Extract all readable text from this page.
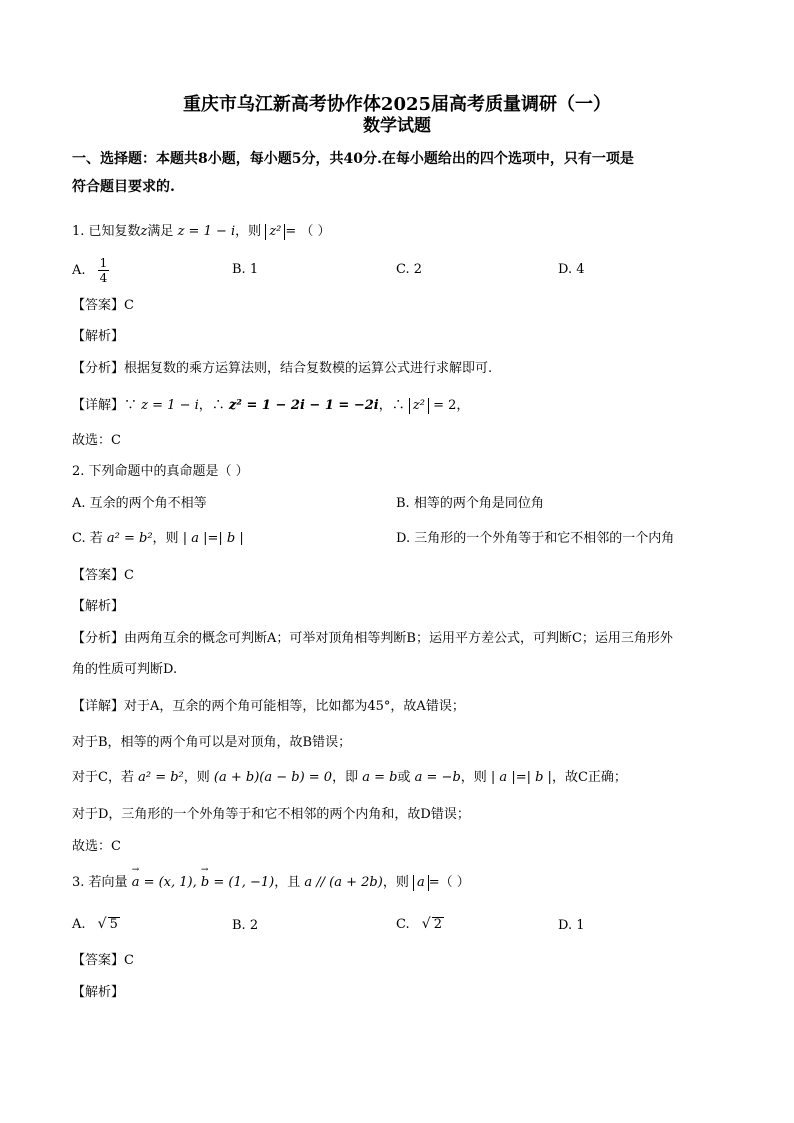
重庆市乌江新高考协作体2025届高考质量调研（一）
数学试题
一、选择题：本题共8小题，每小题5分，共40分.在每小题给出的四个选项中，只有一项是
符合题目要求的.
1. 已知复数z满足 z = 1 − i，则 z² = （ ）
A. $\frac{1}{4}$	B. 1	C. 2	D. 4
【答案】C
【解析】
【分析】根据复数的乘方运算法则，结合复数模的运算公式进行求解即可.
【详解】∵ z = 1 − i，∴ z² = 1 − 2i − 1 = −2i，∴ z² = 2，
故选：C
2. 下列命题中的真命题是（ ）
A. 互余的两个角不相等	B. 相等的两个角是同位角
C. 若 a² = b²，则 | a |=| b |	D. 三角形的一个外角等于和它不相邻的一个内角
【答案】C
【解析】
【分析】由两角互余的概念可判断A；可举对顶角相等判断B；运用平方差公式，可判断C；运用三角形外
角的性质可判断D.
【详解】对于A，互余的两个角可能相等，比如都为45°，故A错误；
对于B，相等的两个角可以是对顶角，故B错误；
对于C，若 a² = b²，则 (a + b)(a − b) = 0，即 a = b或 a = −b，则 | a |=| b |，故C正确；
对于D，三角形的一个外角等于和它不相邻的两个内角和，故D错误；
故选：C
3. 若向量 → a = (x, 1), → b = (1, −1)，且 a // (a + 2b)，则 a =（ ）
A. √ 5	B. 2	C. √ 2	D. 1
【答案】C
【解析】
